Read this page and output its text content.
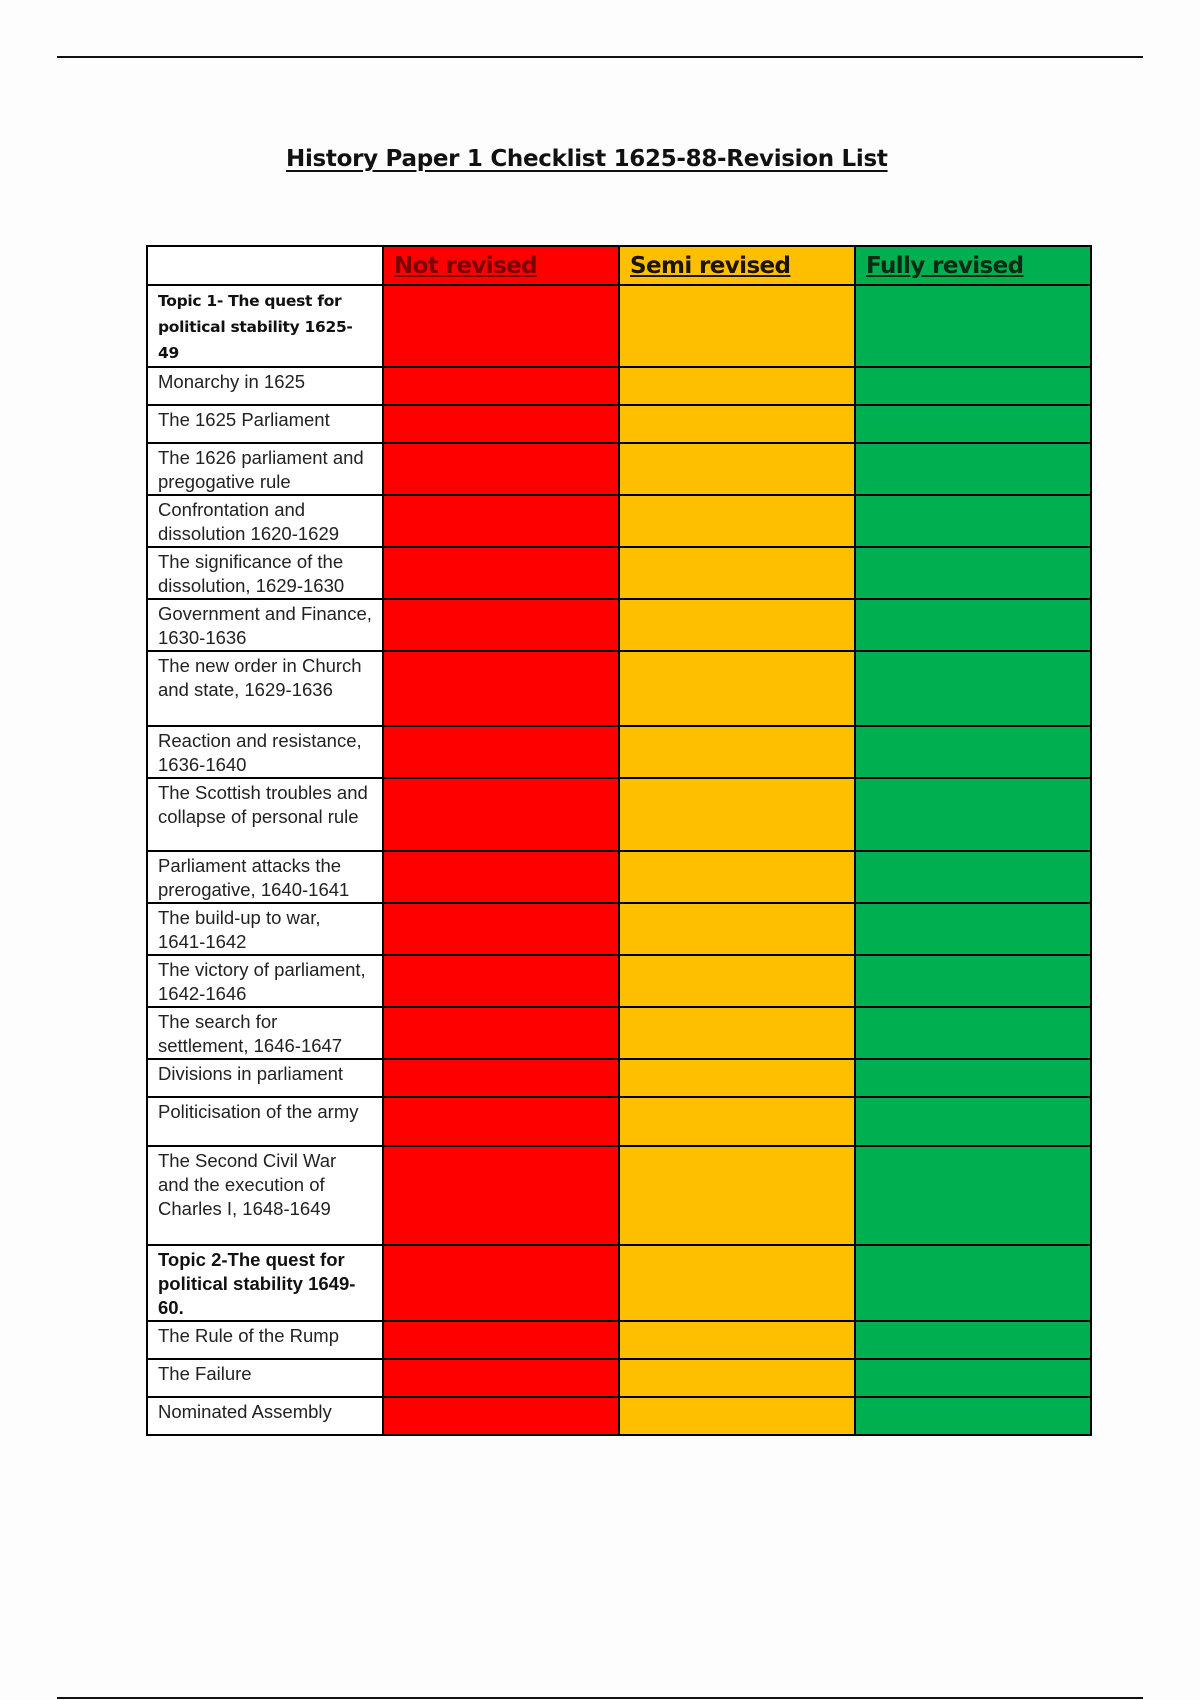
History Paper 1 Checklist 1625-88-Revision List
	Not revised	Semi revised	Fully revised
Topic 1- The quest for political stability 1625-49			
Monarchy in 1625			
The 1625 Parliament			
The 1626 parliament and pregogative rule			
Confrontation and dissolution 1620-1629			
The significance of the dissolution, 1629-1630			
Government and Finance, 1630-1636			
The new order in Church and state, 1629-1636			
Reaction and resistance, 1636-1640			
The Scottish troubles and collapse of personal rule			
Parliament attacks the prerogative, 1640-1641			
The build-up to war, 1641-1642			
The victory of parliament, 1642-1646			
The search for settlement, 1646-1647			
Divisions in parliament			
Politicisation of the army			
The Second Civil War and the execution of Charles I, 1648-1649			
Topic 2-The quest for political stability 1649-60.			
The Rule of the Rump			
The Failure			
Nominated Assembly			
